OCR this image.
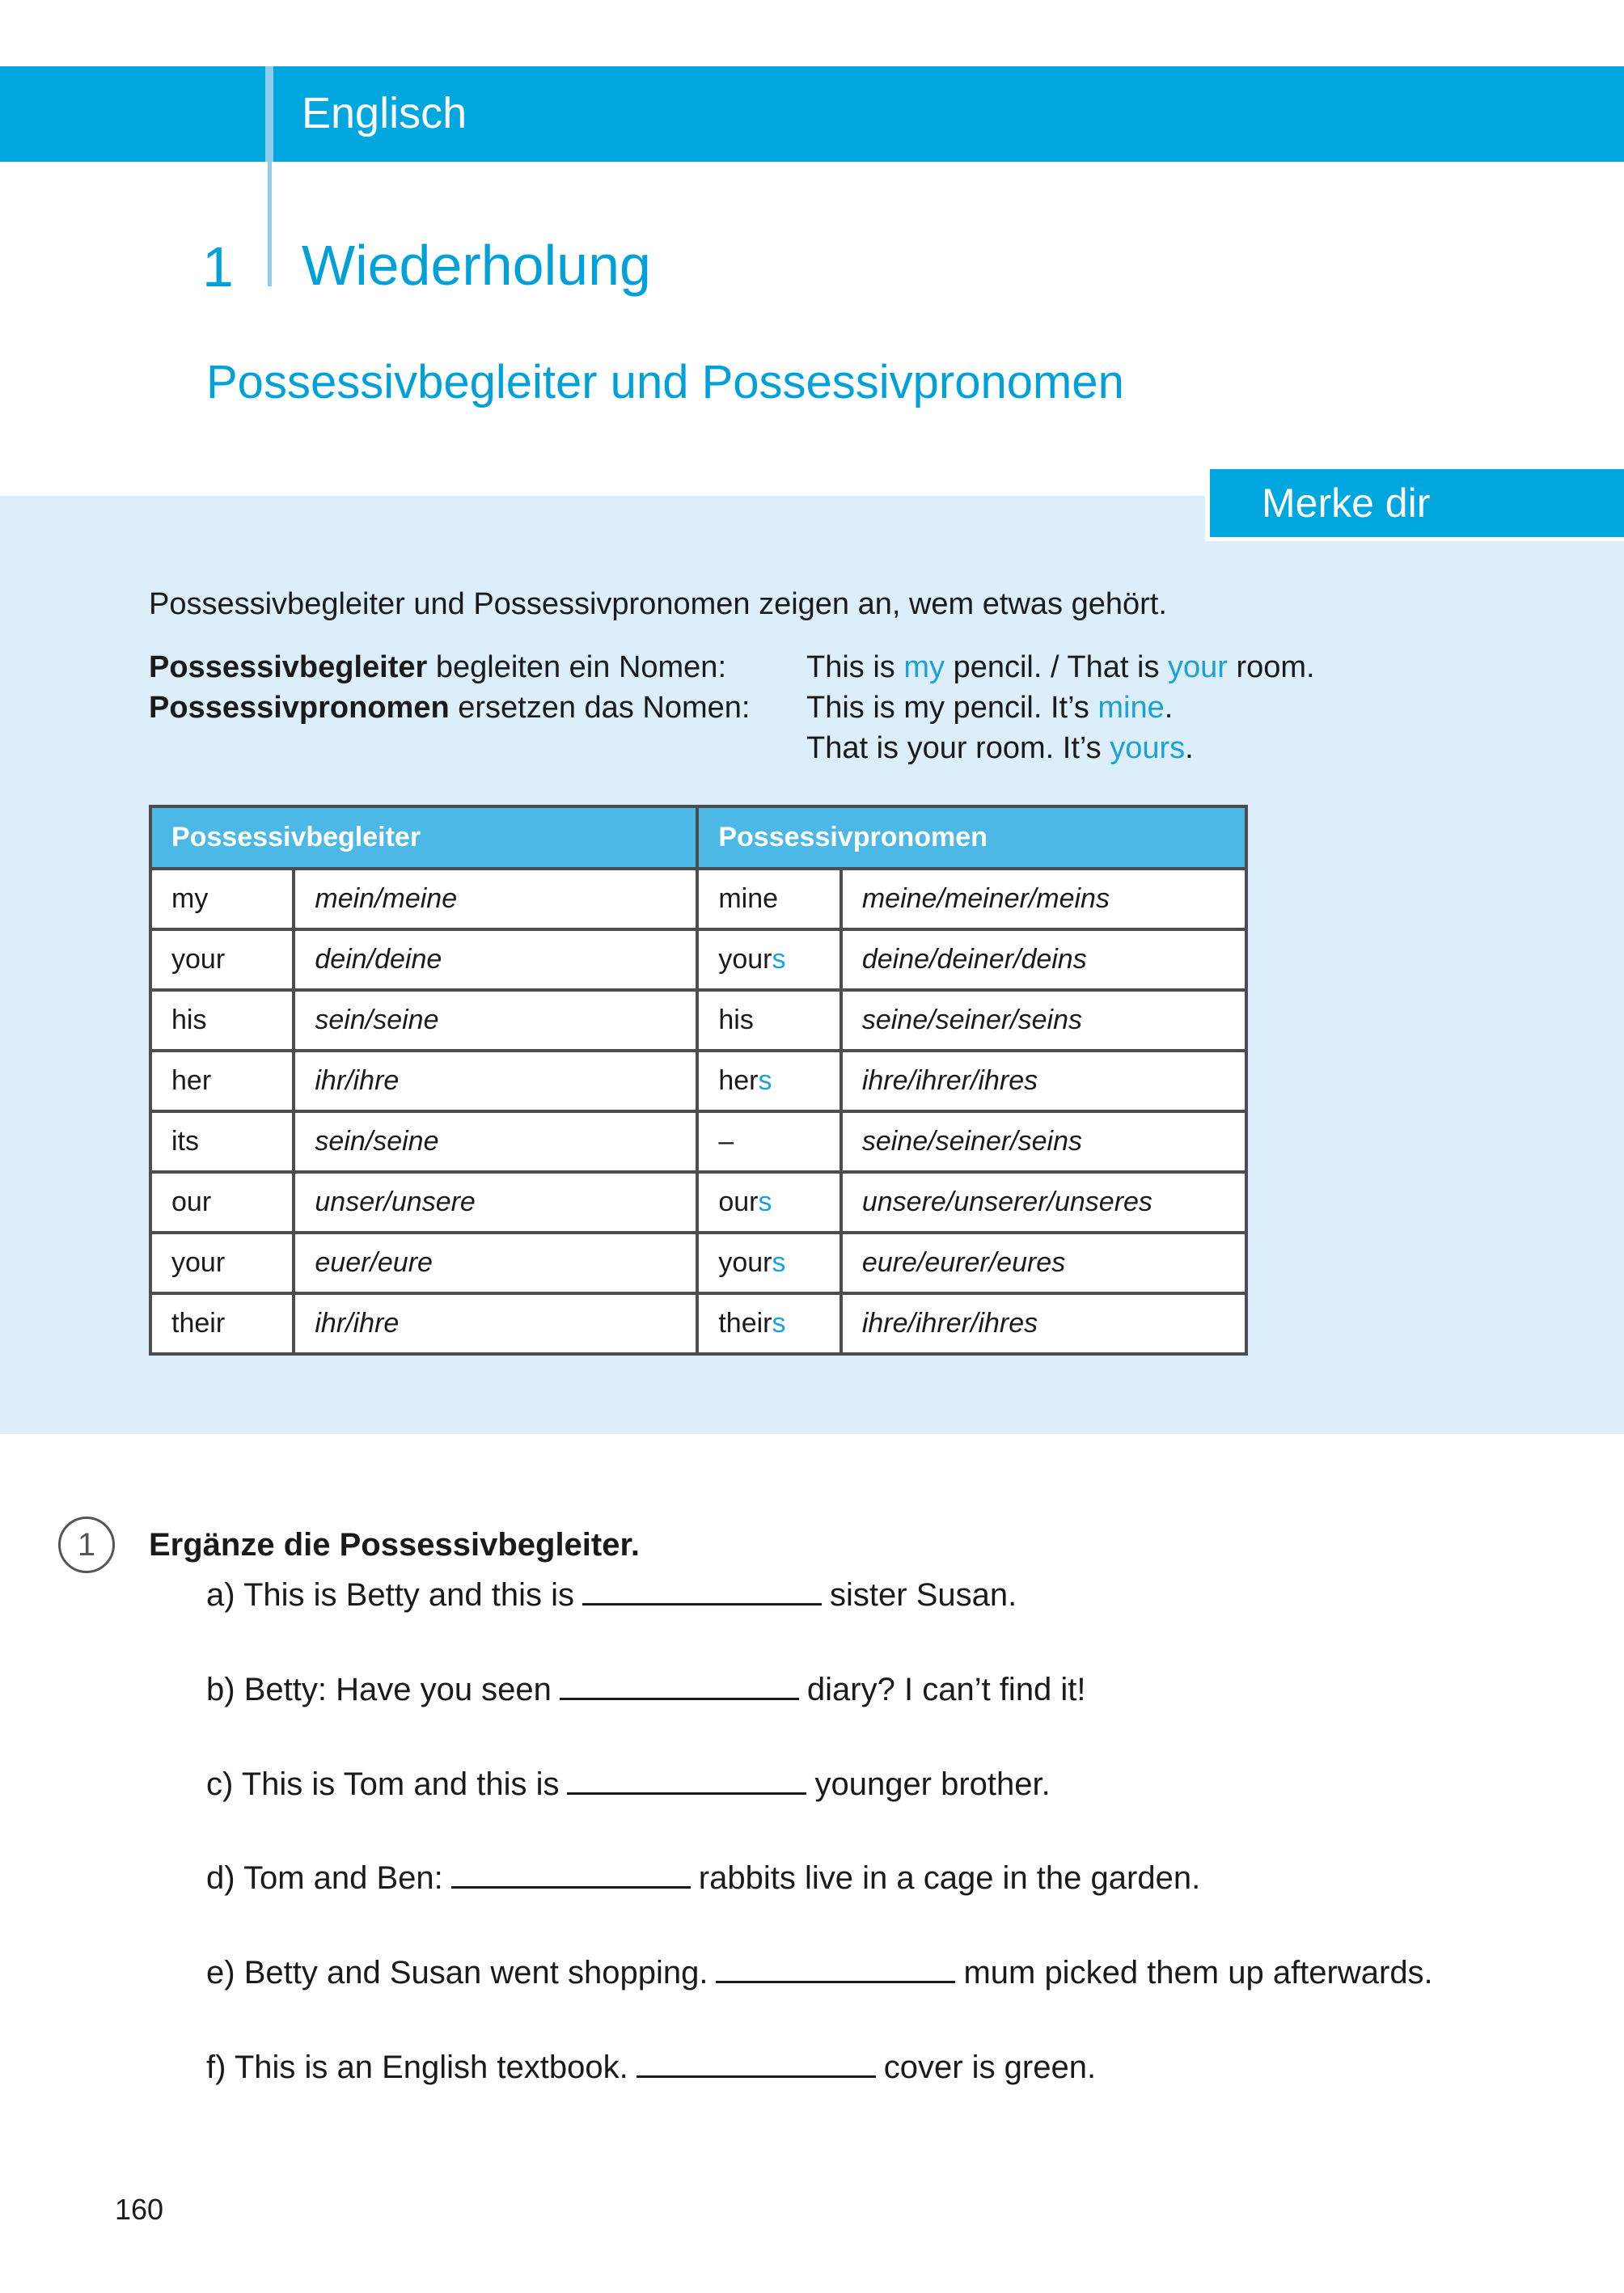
Englisch
1 Wiederholung
Possessivbegleiter und Possessivpronomen
Merke dir
Possessivbegleiter und Possessivpronomen zeigen an, wem etwas gehört.
Possessivbegleiter begleiten ein Nomen:
Possessivpronomen ersetzen das Nomen:
This is my pencil. / That is your room.
This is my pencil. It’s mine.
That is your room. It’s yours.
Possessivbegleiter		Possessivpronomen	
my	mein/meine	mine	meine/meiner/meins
your	dein/deine	yours	deine/deiner/deins
his	sein/seine	his	seine/seiner/seins
her	ihr/ihre	hers	ihre/ihrer/ihres
its	sein/seine	–	seine/seiner/seins
our	unser/unsere	ours	unsere/unserer/unseres
your	euer/eure	yours	eure/eurer/eures
their	ihr/ihre	theirs	ihre/ihrer/ihres
1	Ergänze die Possessivbegleiter.
a) This is Betty and this is	sister Susan.
b) Betty: Have you seen	diary? I can’t find it!
c) This is Tom and this is	younger brother.
d) Tom and Ben:	rabbits live in a cage in the garden.
e) Betty and Susan went shopping.	mum picked them up afterwards.
f) This is an English textbook.	cover is green.
160
